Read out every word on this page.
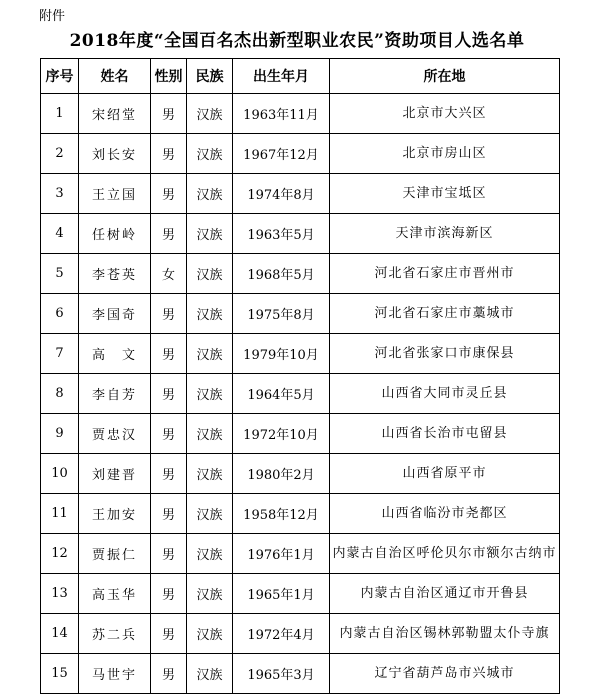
附件
2018年度“全国百名杰出新型职业农民”资助项目人选名单
序号	姓名	性别	民族	出生年月	所在地
1	宋绍堂	男	汉族	1963年11月	北京市大兴区
2	刘长安	男	汉族	1967年12月	北京市房山区
3	王立国	男	汉族	1974年8月	天津市宝坻区
4	任树岭	男	汉族	1963年5月	天津市滨海新区
5	李苍英	女	汉族	1968年5月	河北省石家庄市晋州市
6	李国奇	男	汉族	1975年8月	河北省石家庄市藁城市
7	高　文	男	汉族	1979年10月	河北省张家口市康保县
8	李自芳	男	汉族	1964年5月	山西省大同市灵丘县
9	贾忠汉	男	汉族	1972年10月	山西省长治市屯留县
10	刘建晋	男	汉族	1980年2月	山西省原平市
11	王加安	男	汉族	1958年12月	山西省临汾市尧都区
12	贾振仁	男	汉族	1976年1月	内蒙古自治区呼伦贝尔市额尔古纳市
13	高玉华	男	汉族	1965年1月	内蒙古自治区通辽市开鲁县
14	苏二兵	男	汉族	1972年4月	内蒙古自治区锡林郭勒盟太仆寺旗
15	马世宇	男	汉族	1965年3月	辽宁省葫芦岛市兴城市
